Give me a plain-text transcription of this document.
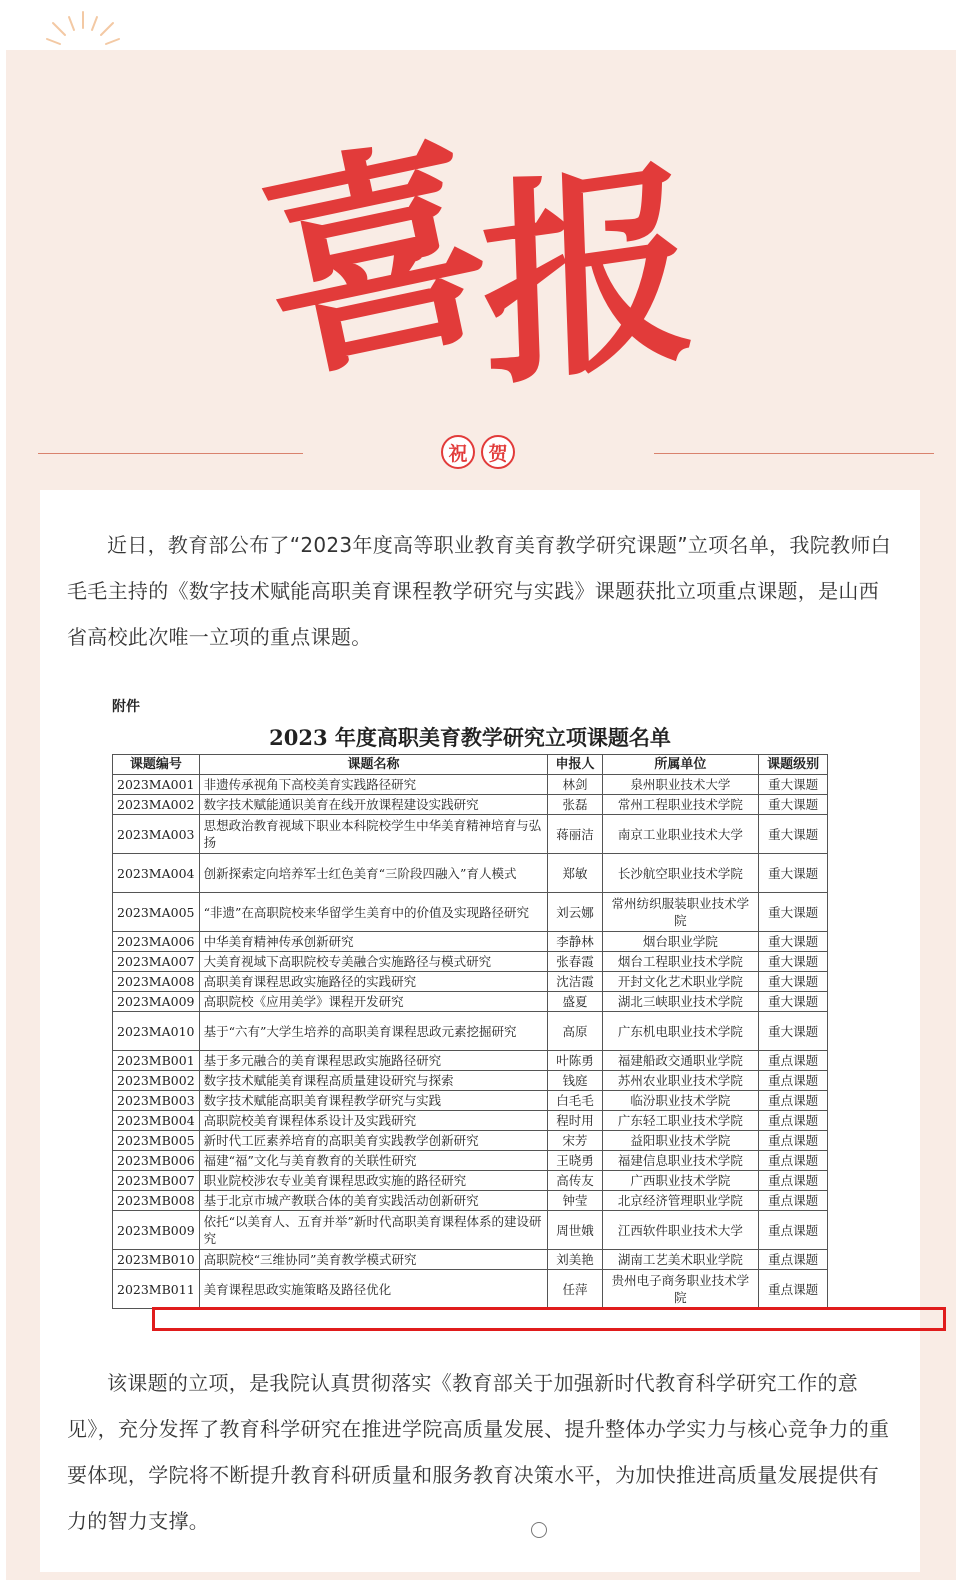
喜
报
祝	贺

近日，教育部公布了“2023年度高等职业教育美育教学研究课题”立项名单，我院教师白毛毛主持的《数字技术赋能高职美育课程教学研究与实践》课题获批立项重点课题，是山西省高校此次唯一立项的重点课题。

附件
2023 年度高职美育教学研究立项课题名单
课题编号	课题名称	申报人	所属单位	课题级别
2023MA001	非遗传承视角下高校美育实践路径研究	林剑	泉州职业技术大学	重大课题
2023MA002	数字技术赋能通识美育在线开放课程建设实践研究	张磊	常州工程职业技术学院	重大课题
2023MA003	思想政治教育视域下职业本科院校学生中华美育精神培育与弘扬	蒋丽洁	南京工业职业技术大学	重大课题
2023MA004	创新探索定向培养军士红色美育“三阶段四融入”育人模式	郑敏	长沙航空职业技术学院	重大课题
2023MA005	“非遗”在高职院校来华留学生美育中的价值及实现路径研究	刘云娜	常州纺织服装职业技术学院	重大课题
2023MA006	中华美育精神传承创新研究	李静林	烟台职业学院	重大课题
2023MA007	大美育视域下高职院校专美融合实施路径与模式研究	张春霞	烟台工程职业技术学院	重大课题
2023MA008	高职美育课程思政实施路径的实践研究	沈洁霞	开封文化艺术职业学院	重大课题
2023MA009	高职院校《应用美学》课程开发研究	盛夏	湖北三峡职业技术学院	重大课题
2023MA010	基于“六有”大学生培养的高职美育课程思政元素挖掘研究	高原	广东机电职业技术学院	重大课题
2023MB001	基于多元融合的美育课程思政实施路径研究	叶陈勇	福建船政交通职业学院	重点课题
2023MB002	数字技术赋能美育课程高质量建设研究与探索	钱庭	苏州农业职业技术学院	重点课题
2023MB003	数字技术赋能高职美育课程教学研究与实践	白毛毛	临汾职业技术学院	重点课题
2023MB004	高职院校美育课程体系设计及实践研究	程时用	广东轻工职业技术学院	重点课题
2023MB005	新时代工匠素养培育的高职美育实践教学创新研究	宋芳	益阳职业技术学院	重点课题
2023MB006	福建“福”文化与美育教育的关联性研究	王晓勇	福建信息职业技术学院	重点课题
2023MB007	职业院校涉农专业美育课程思政实施的路径研究	高传友	广西职业技术学院	重点课题
2023MB008	基于北京市城产教联合体的美育实践活动创新研究	钟莹	北京经济管理职业学院	重点课题
2023MB009	依托“以美育人、五育并举”新时代高职美育课程体系的建设研究	周世娥	江西软件职业技术大学	重点课题
2023MB010	高职院校“三维协同”美育教学模式研究	刘美艳	湖南工艺美术职业学院	重点课题
2023MB011	美育课程思政实施策略及路径优化	任萍	贵州电子商务职业技术学院	重点课题

该课题的立项，是我院认真贯彻落实《教育部关于加强新时代教育科学研究工作的意见》，充分发挥了教育科学研究在推进学院高质量发展、提升整体办学实力与核心竞争力的重要体现，学院将不断提升教育科研质量和服务教育决策水平，为加快推进高质量发展提供有力的智力支撑。
